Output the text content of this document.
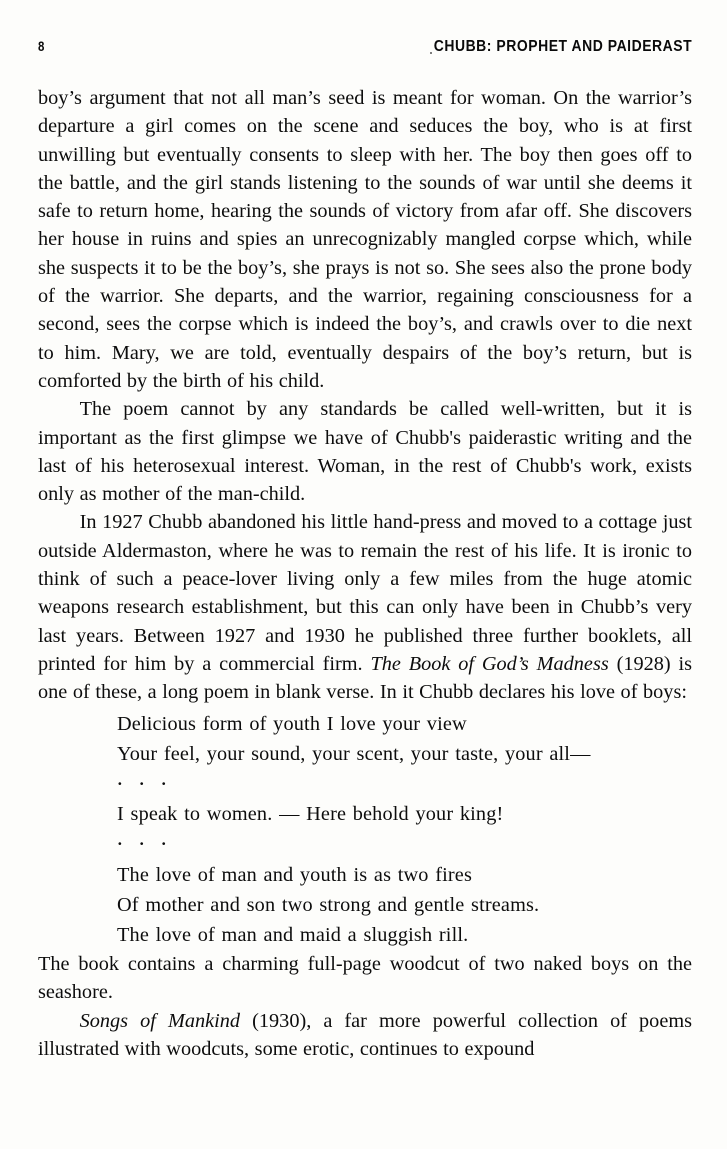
8	CHUBB: PROPHET AND PAIDERAST

boy’s argument that not all man’s seed is meant for woman. On the warrior’s departure a girl comes on the scene and seduces the boy, who is at first unwilling but eventually consents to sleep with her. The boy then goes off to the battle, and the girl stands listening to the sounds of war until she deems it safe to return home, hearing the sounds of victory from afar off. She discovers her house in ruins and spies an unrecognizably mangled corpse which, while she suspects it to be the boy’s, she prays is not so. She sees also the prone body of the warrior. She departs, and the warrior, regaining consciousness for a second, sees the corpse which is indeed the boy’s, and crawls over to die next to him. Mary, we are told, eventually despairs of the boy’s return, but is comforted by the birth of his child.

The poem cannot by any standards be called well-written, but it is important as the first glimpse we have of Chubb's paiderastic writing and the last of his heterosexual interest. Woman, in the rest of Chubb's work, exists only as mother of the man-child.

In 1927 Chubb abandoned his little hand-press and moved to a cottage just outside Aldermaston, where he was to remain the rest of his life. It is ironic to think of such a peace-lover living only a few miles from the huge atomic weapons research establishment, but this can only have been in Chubb’s very last years. Between 1927 and 1930 he published three further booklets, all printed for him by a commercial firm. The Book of God’s Madness (1928) is one of these, a long poem in blank verse. In it Chubb declares his love of boys:

Delicious form of youth I love your view Your feel, your sound, your scent, your taste, your all—
· · ·
I speak to women. — Here behold your king!
· · ·
The love of man and youth is as two fires Of mother and son two strong and gentle streams. The love of man and maid a sluggish rill.

The book contains a charming full-page woodcut of two naked boys on the seashore.

Songs of Mankind (1930), a far more powerful collection of poems illustrated with woodcuts, some erotic, continues to expound
